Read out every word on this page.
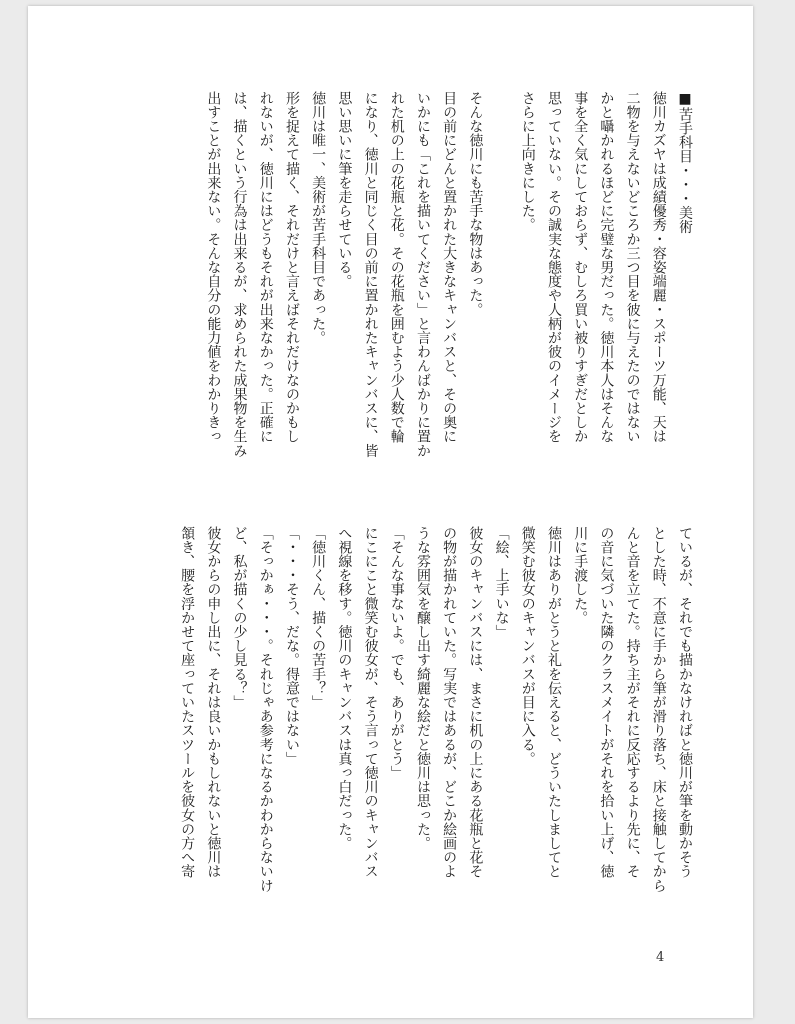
■苦手科目・・・美術

徳川カズヤは成績優秀・容姿端麗・スポーツ万能、天は

二物を与えないどころか三つ目を彼に与えたのではない

かと囁かれるほどに完璧な男だった。徳川本人はそんな

事を全く気にしておらず、むしろ買い被りすぎだとしか

思っていない。その誠実な態度や人柄が彼のイメージを

さらに上向きにした。

そんな徳川にも苦手な物はあった。

目の前にどんと置かれた大きなキャンバスと、その奥に

いかにも「これを描いてください」と言わんばかりに置か

れた机の上の花瓶と花。その花瓶を囲むよう少人数で輪

になり、徳川と同じく目の前に置かれたキャンバスに、皆

思い思いに筆を走らせている。

徳川は唯一、美術が苦手科目であった。

形を捉えて描く、それだけと言えばそれだけなのかもし

れないが、徳川にはどうもそれが出来なかった。正確に

は、描くという行為は出来るが、求められた成果物を生み

出すことが出来ない。そんな自分の能力値をわかりきっ

ているが、それでも描かなければと徳川が筆を動かそう

とした時、不意に手から筆が滑り落ち、床と接触してから

んと音を立てた。持ち主がそれに反応するより先に、そ

の音に気づいた隣のクラスメイトがそれを拾い上げ、徳

川に手渡した。

徳川はありがとうと礼を伝えると、どういたしましてと

微笑む彼女のキャンバスが目に入る。

「絵、上手いな」

彼女のキャンバスには、まさに机の上にある花瓶と花そ

の物が描かれていた。写実ではあるが、どこか絵画のよ

うな雰囲気を醸し出す綺麗な絵だと徳川は思った。

「そんな事ないよ。でも、ありがとう」

にこにこと微笑む彼女が、そう言って徳川のキャンバス

へ視線を移す。徳川のキャンバスは真っ白だった。

「徳川くん、描くの苦手？」

「・・・そう、だな。得意ではない」

「そっかぁ・・・。それじゃあ参考になるかわからないけ

ど、私が描くの少し見る？」

彼女からの申し出に、それは良いかもしれないと徳川は

頷き、腰を浮かせて座っていたスツールを彼女の方へ寄

4
